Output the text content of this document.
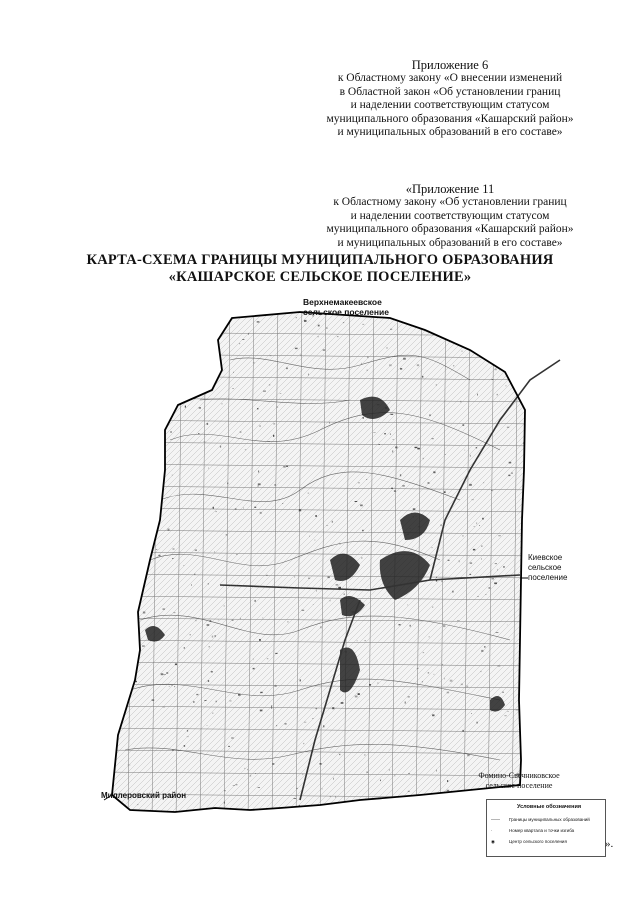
Приложение 6
к Областному закону «О внесении изменений
в Областной закон «Об установлении границ
и наделении соответствующим статусом
муниципального образования «Кашарский район»
и муниципальных образований в его составе»
«Приложение 11
к Областному закону «Об установлении границ
и наделении соответствующим статусом
муниципального образования «Кашарский район»
и муниципальных образований в его составе»
КАРТА-СХЕМА ГРАНИЦЫ МУНИЦИПАЛЬНОГО ОБРАЗОВАНИЯ
«КАШАРСКОЕ СЕЛЬСКОЕ ПОСЕЛЕНИЕ»
Верхнемакеевское
сельское поселение
Киевское
сельское
поселение
Миллеровский район
Фомино-Свечниковское
сельское поселение
Условные обозначения
—— Границы муниципальных образований
·	Номер квартала и точки изгиба
◉	Центр сельского поселения	».
